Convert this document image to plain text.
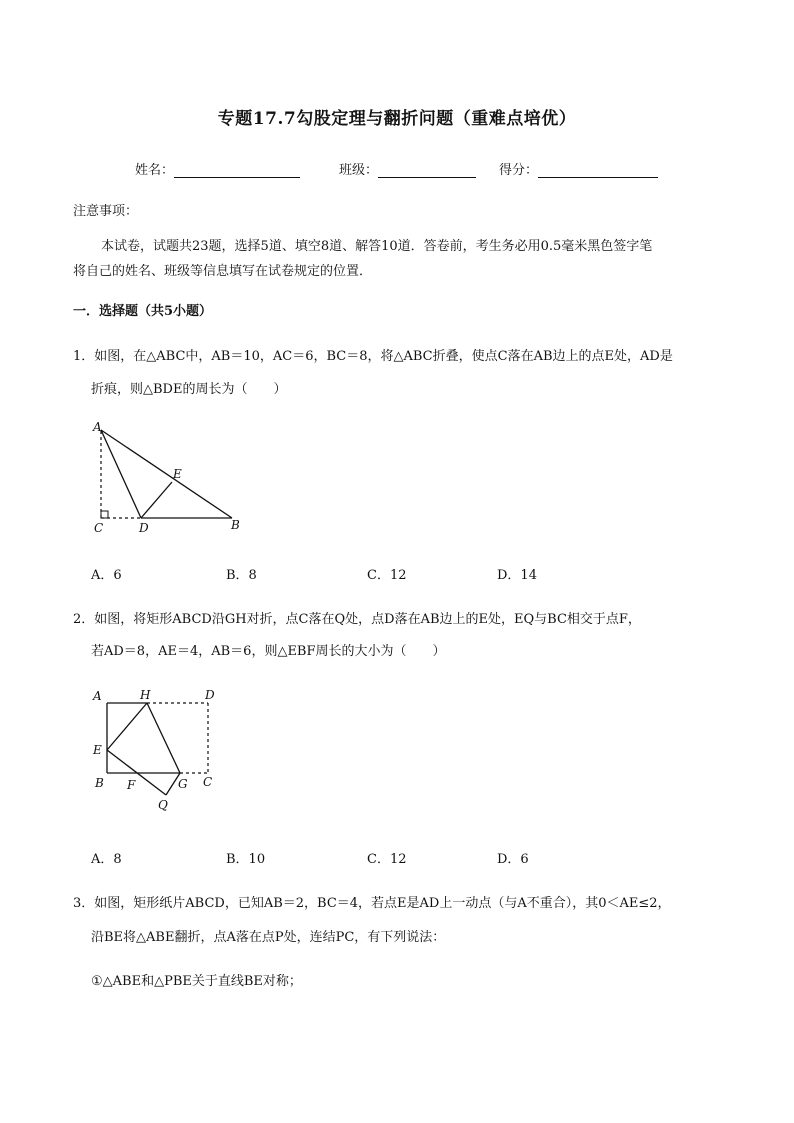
专题17.7勾股定理与翻折问题（重难点培优）
姓名：	班级：	得分：
注意事项：
本试卷，试题共23题，选择5道、填空8道、解答10道．答卷前，考生务必用0.5毫米黑色签字笔
将自己的姓名、班级等信息填写在试卷规定的位置．
一．选择题（共5小题）
1．如图，在△ABC中，AB＝10，AC＝6，BC＝8，将△ABC折叠，使点C落在AB边上的点E处，AD是
折痕，则△BDE的周长为（　　）
A
C	D	B
E
A．6	B．8	C．12	D．14
2．如图，将矩形ABCD沿GH对折，点C落在Q处，点D落在AB边上的E处，EQ与BC相交于点F，
若AD＝8，AE＝4，AB＝6，则△EBF周长的大小为（　　）
A	H	D
E
B F	G C
Q
A．8	B．10	C．12	D．6
3．如图，矩形纸片ABCD，已知AB＝2，BC＝4，若点E是AD上一动点（与A不重合），其0＜AE≤2，
沿BE将△ABE翻折，点A落在点P处，连结PC，有下列说法：
①△ABE和△PBE关于直线BE对称；
